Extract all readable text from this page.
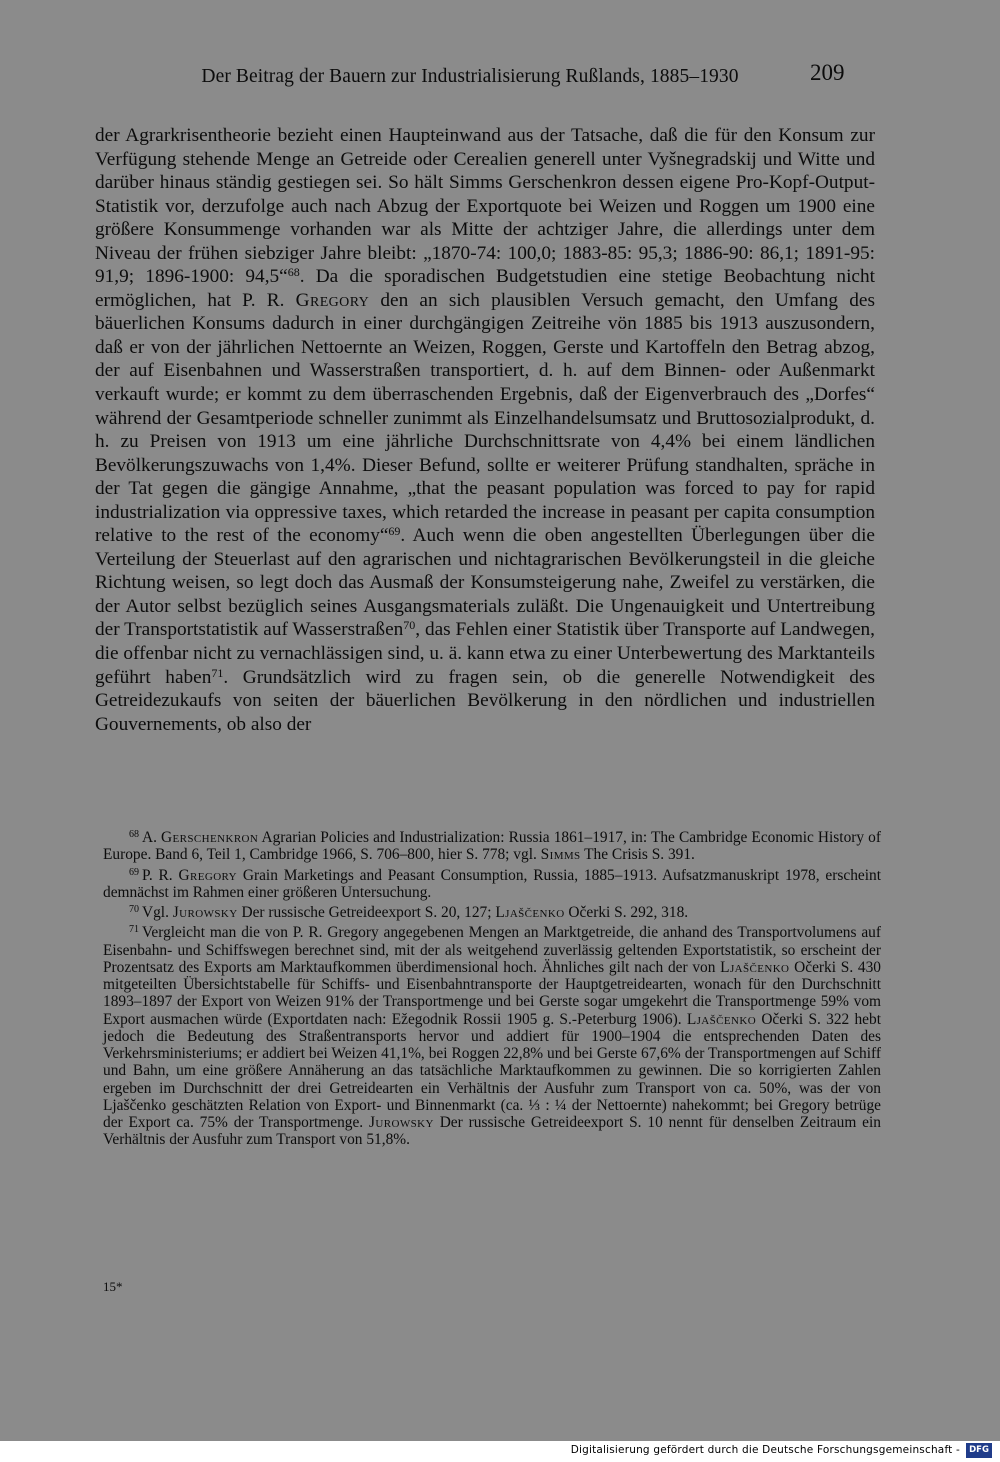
Der Beitrag der Bauern zur Industrialisierung Rußlands, 1885–1930	209

der Agrarkrisentheorie bezieht einen Haupteinwand aus der Tatsache, daß die für den Konsum zur Verfügung stehende Menge an Getreide oder Cerealien generell unter Vyšnegradskij und Witte und darüber hinaus ständig gestiegen sei. So hält Simms Gerschenkron dessen eigene Pro-Kopf-Output-Statistik vor, derzufolge auch nach Abzug der Exportquote bei Weizen und Roggen um 1900 eine größere Konsummenge vorhanden war als Mitte der achtziger Jahre, die allerdings unter dem Niveau der frühen siebziger Jahre bleibt: „1870-74: 100,0; 1883-85: 95,3; 1886-90: 86,1; 1891-95: 91,9; 1896-1900: 94,5“$^{68}$. Da die sporadischen Budgetstudien eine stetige Beobachtung nicht ermöglichen, hat P. R. Gregory den an sich plausiblen Versuch gemacht, den Umfang des bäuerlichen Konsums dadurch in einer durchgängigen Zeitreihe vön 1885 bis 1913 auszusondern, daß er von der jährlichen Nettoernte an Weizen, Roggen, Gerste und Kartoffeln den Betrag abzog, der auf Eisenbahnen und Wasserstraßen transportiert, d. h. auf dem Binnen- oder Außenmarkt verkauft wurde; er kommt zu dem überraschenden Ergebnis, daß der Eigenverbrauch des „Dorfes“ während der Gesamtperiode schneller zunimmt als Einzelhandelsumsatz und Bruttosozialprodukt, d. h. zu Preisen von 1913 um eine jährliche Durchschnittsrate von 4,4% bei einem ländlichen Bevölkerungszuwachs von 1,4%. Dieser Befund, sollte er weiterer Prüfung standhalten, spräche in der Tat gegen die gängige Annahme, „that the peasant population was forced to pay for rapid industrialization via oppressive taxes, which retarded the increase in peasant per capita consumption relative to the rest of the economy“$^{69}$. Auch wenn die oben angestellten Überlegungen über die Verteilung der Steuerlast auf den agrarischen und nichtagrarischen Bevölkerungsteil in die gleiche Richtung weisen, so legt doch das Ausmaß der Konsumsteigerung nahe, Zweifel zu verstärken, die der Autor selbst bezüglich seines Ausgangsmaterials zuläßt. Die Ungenauigkeit und Untertreibung der Transportstatistik auf Wasserstraßen$^{70}$, das Fehlen einer Statistik über Transporte auf Landwegen, die offenbar nicht zu vernachlässigen sind, u. ä. kann etwa zu einer Unterbewertung des Marktanteils geführt haben$^{71}$. Grundsätzlich wird zu fragen sein, ob die generelle Notwendigkeit des Getreidezukaufs von seiten der bäuerlichen Bevölkerung in den nördlichen und industriellen Gouvernements, ob also der

$^{68}$ A. Gerschenkron Agrarian Policies and Industrialization: Russia 1861–1917, in: The Cambridge Economic History of Europe. Band 6, Teil 1, Cambridge 1966, S. 706–800, hier S. 778; vgl. Simms The Crisis S. 391.

$^{69}$ P. R. Gregory Grain Marketings and Peasant Consumption, Russia, 1885–1913. Aufsatzmanuskript 1978, erscheint demnächst im Rahmen einer größeren Untersuchung.

$^{70}$ Vgl. Jurowsky Der russische Getreideexport S. 20, 127; Ljaščenko Očerki S. 292, 318.

$^{71}$ Vergleicht man die von P. R. Gregory angegebenen Mengen an Marktgetreide, die anhand des Transportvolumens auf Eisenbahn- und Schiffswegen berechnet sind, mit der als weitgehend zuverlässig geltenden Exportstatistik, so erscheint der Prozentsatz des Exports am Marktaufkommen überdimensional hoch. Ähnliches gilt nach der von Ljaščenko Očerki S. 430 mitgeteilten Übersichtstabelle für Schiffs- und Eisenbahntransporte der Hauptgetreidearten, wonach für den Durchschnitt 1893–1897 der Export von Weizen 91% der Transportmenge und bei Gerste sogar umgekehrt die Transportmenge 59% vom Export ausmachen würde (Exportdaten nach: Ežegodnik Rossii 1905 g. S.-Peterburg 1906). Ljaščenko Očerki S. 322 hebt jedoch die Bedeutung des Straßentransports hervor und addiert für 1900–1904 die entsprechenden Daten des Verkehrsministeriums; er addiert bei Weizen 41,1%, bei Roggen 22,8% und bei Gerste 67,6% der Transportmengen auf Schiff und Bahn, um eine größere Annäherung an das tatsächliche Marktaufkommen zu gewinnen. Die so korrigierten Zahlen ergeben im Durchschnitt der drei Getreidearten ein Verhältnis der Ausfuhr zum Transport von ca. 50%, was der von Ljaščenko geschätzten Relation von Export- und Binnenmarkt (ca. ⅓ : ¼ der Nettoernte) nahekommt; bei Gregory betrüge der Export ca. 75% der Transportmenge. Jurowsky Der russische Getreideexport S. 10 nennt für denselben Zeitraum ein Verhältnis der Ausfuhr zum Transport von 51,8%.

15*
Digitalisierung gefördert durch die Deutsche Forschungsgemeinschaft -	DFG
